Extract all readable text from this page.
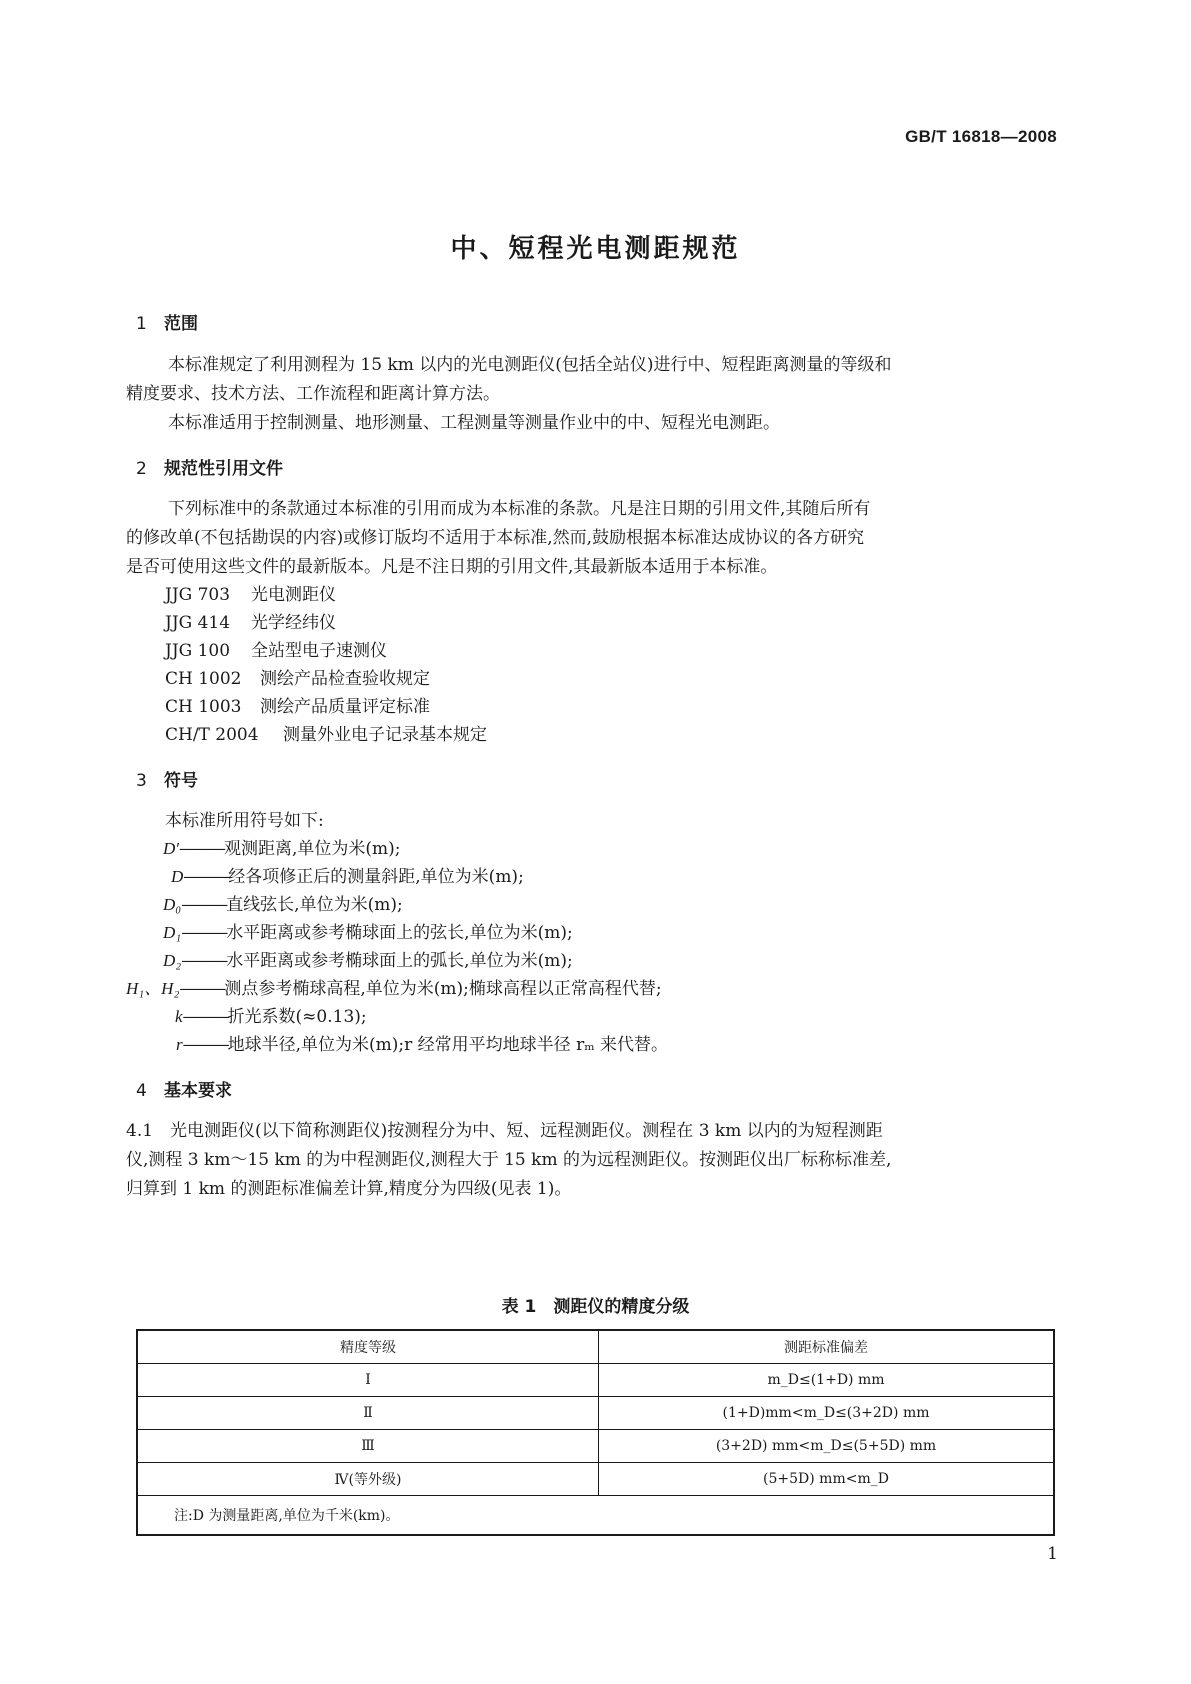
GB/T 16818—2008
中、短程光电测距规范
1 范围
本标准规定了利用测程为 15 km 以内的光电测距仪(包括全站仪)进行中、短程距离测量的等级和
精度要求、技术方法、工作流程和距离计算方法。
本标准适用于控制测量、地形测量、工程测量等测量作业中的中、短程光电测距。
2 规范性引用文件
下列标准中的条款通过本标准的引用而成为本标准的条款。凡是注日期的引用文件,其随后所有
的修改单(不包括勘误的内容)或修订版均不适用于本标准,然而,鼓励根据本标准达成协议的各方研究
是否可使用这些文件的最新版本。凡是不注日期的引用文件,其最新版本适用于本标准。
JJG 703 光电测距仪
JJG 414 光学经纬仪
JJG 100 全站型电子速测仪
CH 1002 测绘产品检查验收规定
CH 1003 测绘产品质量评定标准
CH/T 2004 测量外业电子记录基本规定
3 符号
本标准所用符号如下:
D′———观测距离,单位为米(m);
D———经各项修正后的测量斜距,单位为米(m);
D₀———直线弦长,单位为米(m);
D₁———水平距离或参考椭球面上的弦长,单位为米(m);
D₂———水平距离或参考椭球面上的弧长,单位为米(m);
H₁、H₂———测点参考椭球高程,单位为米(m);椭球高程以正常高程代替;
k———折光系数(≈0.13);
r———地球半径,单位为米(m);r 经常用平均地球半径 rₘ 来代替。
4 基本要求
4.1　光电测距仪(以下简称测距仪)按测程分为中、短、远程测距仪。测程在 3 km 以内的为短程测距
仪,测程 3 km～15 km 的为中程测距仪,测程大于 15 km 的为远程测距仪。按测距仪出厂标称标准差,
归算到 1 km 的测距标准偏差计算,精度分为四级(见表 1)。
表 1　测距仪的精度分级
精度等级	测距标准偏差
Ⅰ	m_D≤(1+D) mm
Ⅱ	(1+D)mm<m_D≤(3+2D) mm
Ⅲ	(3+2D) mm<m_D≤(5+5D) mm
Ⅳ(等外级)	(5+5D) mm<m_D
注:D 为测量距离,单位为千米(km)。	
1
